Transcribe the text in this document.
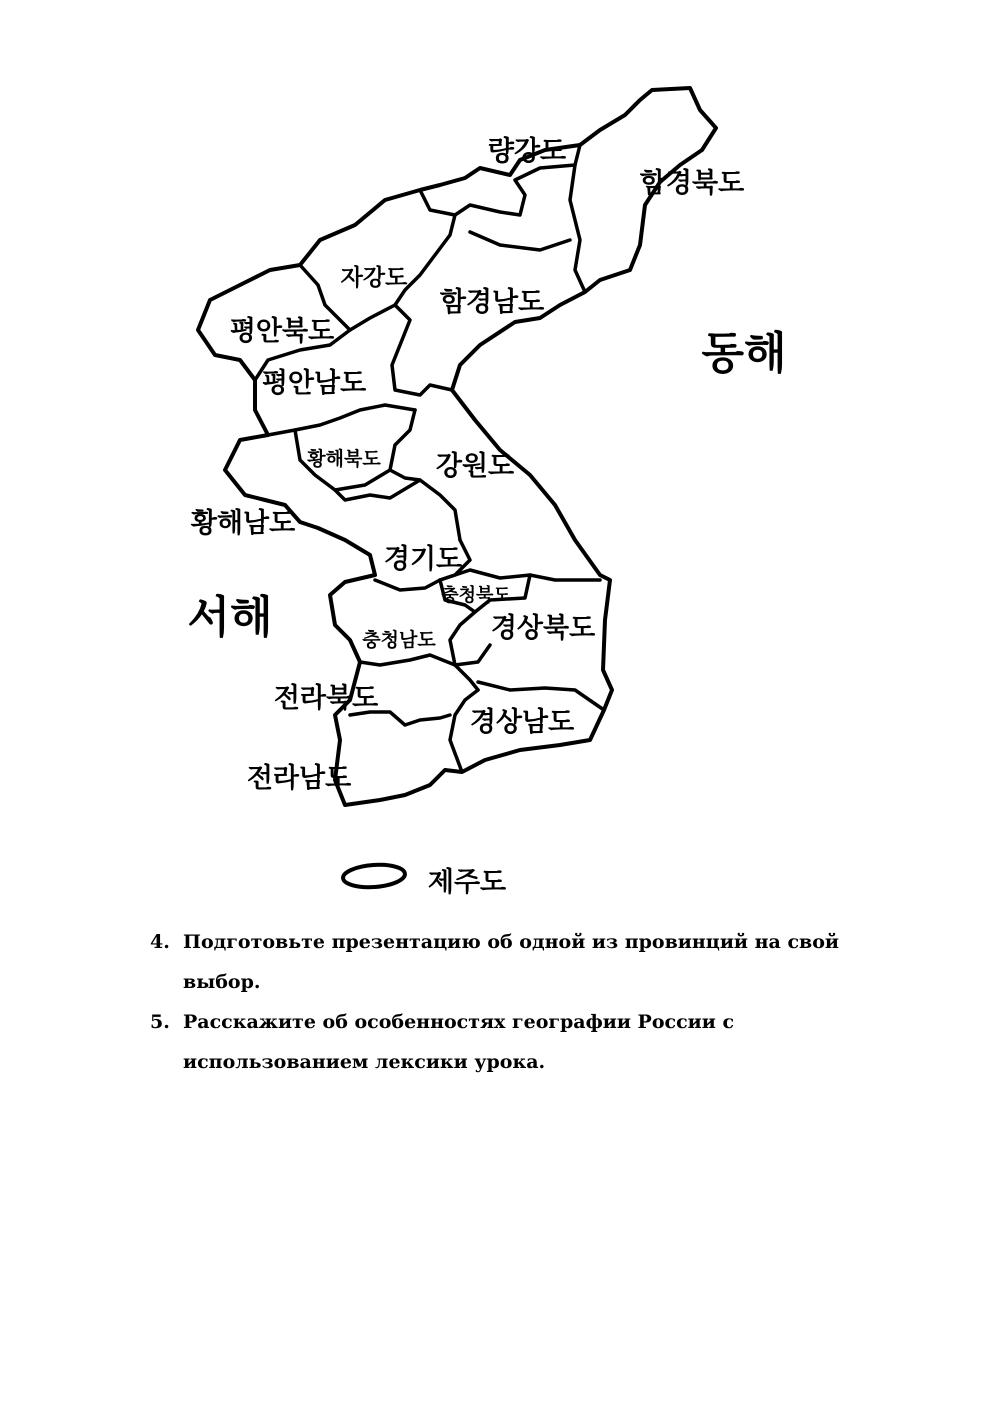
량강도
함경북도
자강도
함경남도
평안북도
평안남도
황해북도 강원도
황해남도
경기도
충청북도
경상북도
충청남도
전라북도
경상남도
전라남도
제주도
동해
서해
4. Подготовьте презентацию об одной из провинций на свой выбор.
5. Расскажите об особенностях географии России с использованием лексики урока.
